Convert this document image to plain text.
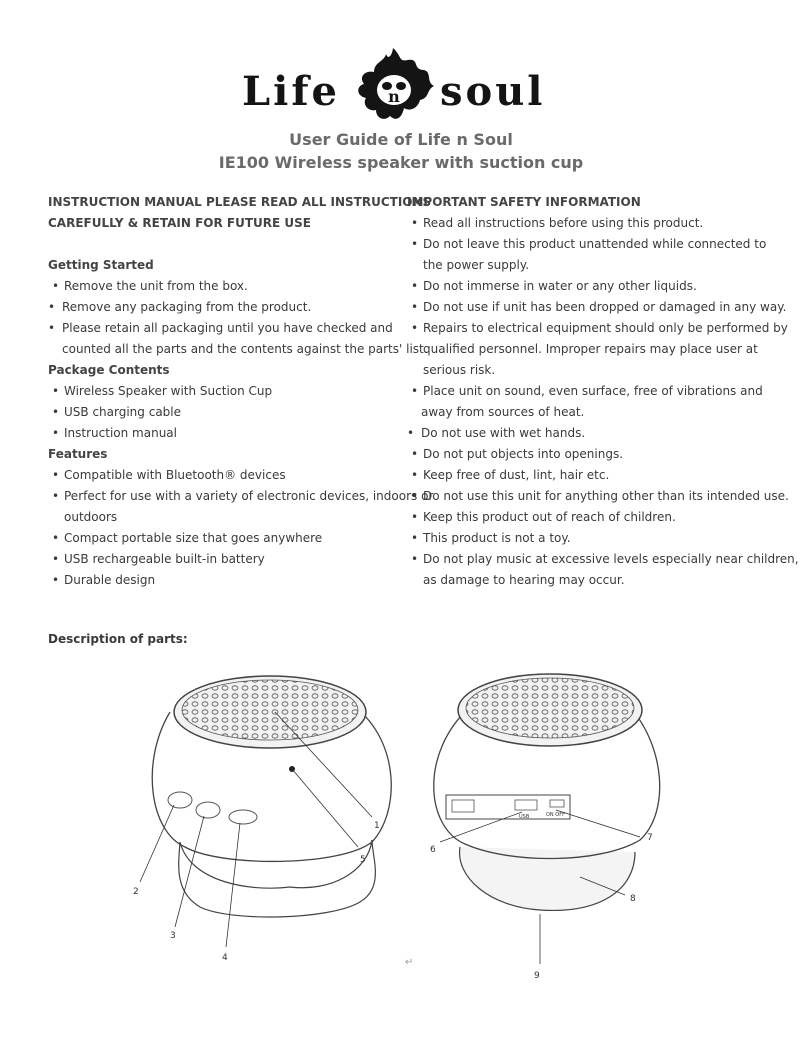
Life	n soul
User Guide of Life n Soul
IE100 Wireless speaker with suction cup
INSTRUCTION MANUAL PLEASE READ ALL INSTRUCTIONS
CAREFULLY & RETAIN FOR FUTURE USE
Getting Started
• Remove the unit from the box.
• Remove any packaging from the product.
• Please retain all packaging until you have checked and
counted all the parts and the contents against the parts' list.
Package Contents
• Wireless Speaker with Suction Cup
• USB charging cable
• Instruction manual
Features
• Compatible with Bluetooth® devices
• Perfect for use with a variety of electronic devices, indoors or
outdoors
• Compact portable size that goes anywhere
• USB rechargeable built-in battery
• Durable design
IMPORTANT SAFETY INFORMATION
• Read all instructions before using this product.
• Do not leave this product unattended while connected to
the power supply.
• Do not immerse in water or any other liquids.
• Do not use if unit has been dropped or damaged in any way.
• Repairs to electrical equipment should only be performed by
qualified personnel. Improper repairs may place user at
serious risk.
• Place unit on sound, even surface, free of vibrations and
away from sources of heat.
• Do not use with wet hands.
• Do not put objects into openings.
• Keep free of dust, lint, hair etc.
• Do not use this unit for anything other than its intended use.
• Keep this product out of reach of children.
• This product is not a toy.
• Do not play music at excessive levels especially near children,
as damage to hearing may occur.
Description of parts:
1
2
3
4
5
USB	ON OFF
6
7
8
9
↵
